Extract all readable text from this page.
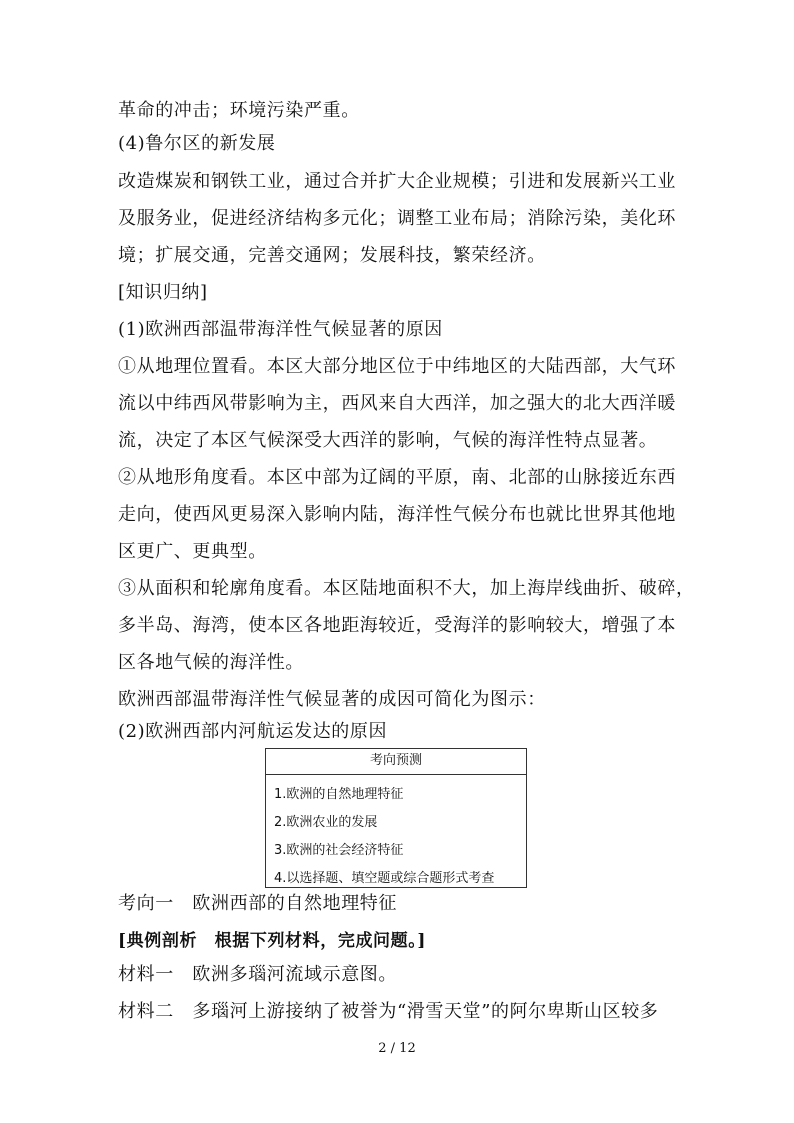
革命的冲击；环境污染严重。
(4)鲁尔区的新发展
改造煤炭和钢铁工业，通过合并扩大企业规模；引进和发展新兴工业
及服务业，促进经济结构多元化；调整工业布局；消除污染，美化环
境；扩展交通，完善交通网；发展科技，繁荣经济。
[知识归纳]
(1)欧洲西部温带海洋性气候显著的原因
①从地理位置看。本区大部分地区位于中纬地区的大陆西部，大气环
流以中纬西风带影响为主，西风来自大西洋，加之强大的北大西洋暖
流，决定了本区气候深受大西洋的影响，气候的海洋性特点显著。
②从地形角度看。本区中部为辽阔的平原，南、北部的山脉接近东西
走向，使西风更易深入影响内陆，海洋性气候分布也就比世界其他地
区更广、更典型。
③从面积和轮廓角度看。本区陆地面积不大，加上海岸线曲折、破碎，
多半岛、海湾，使本区各地距海较近，受海洋的影响较大，增强了本
区各地气候的海洋性。
欧洲西部温带海洋性气候显著的成因可简化为图示：
(2)欧洲西部内河航运发达的原因
考向预测
1.欧洲的自然地理特征
2.欧洲农业的发展
3.欧洲的社会经济特征
4.以选择题、填空题或综合题形式考查
考向一　欧洲西部的自然地理特征
[典例剖析　根据下列材料，完成问题。]
材料一　欧洲多瑙河流域示意图。
材料二　多瑙河上游接纳了被誉为“滑雪天堂”的阿尔卑斯山区较多
2 / 12
